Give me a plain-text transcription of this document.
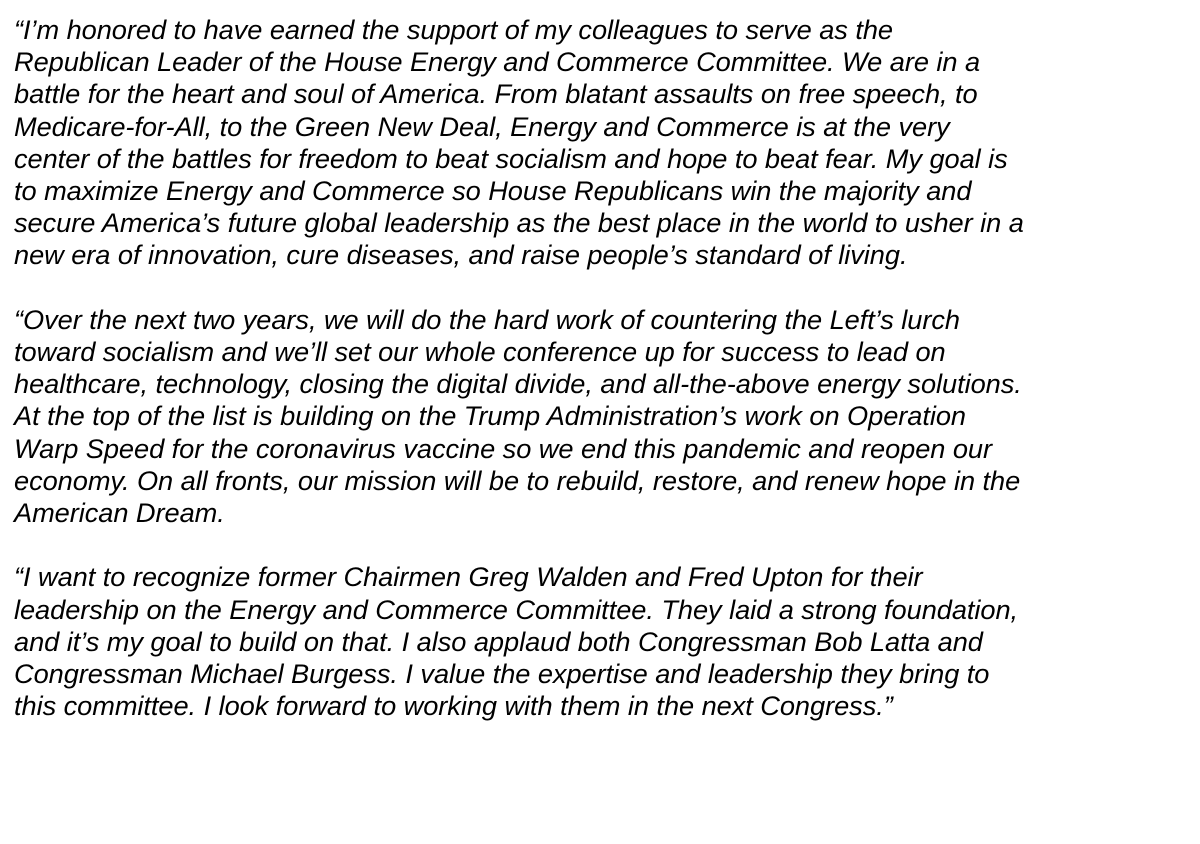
“I’m honored to have earned the support of my colleagues to serve as the
Republican Leader of the House Energy and Commerce Committee. We are in a
battle for the heart and soul of America. From blatant assaults on free speech, to
Medicare-for-All, to the Green New Deal, Energy and Commerce is at the very
center of the battles for freedom to beat socialism and hope to beat fear. My goal is
to maximize Energy and Commerce so House Republicans win the majority and
secure America’s future global leadership as the best place in the world to usher in a
new era of innovation, cure diseases, and raise people’s standard of living.

“Over the next two years, we will do the hard work of countering the Left’s lurch
toward socialism and we’ll set our whole conference up for success to lead on
healthcare, technology, closing the digital divide, and all-the-above energy solutions.
At the top of the list is building on the Trump Administration’s work on Operation
Warp Speed for the coronavirus vaccine so we end this pandemic and reopen our
economy. On all fronts, our mission will be to rebuild, restore, and renew hope in the
American Dream.

“I want to recognize former Chairmen Greg Walden and Fred Upton for their
leadership on the Energy and Commerce Committee. They laid a strong foundation,
and it’s my goal to build on that. I also applaud both Congressman Bob Latta and
Congressman Michael Burgess. I value the expertise and leadership they bring to
this committee. I look forward to working with them in the next Congress.”
